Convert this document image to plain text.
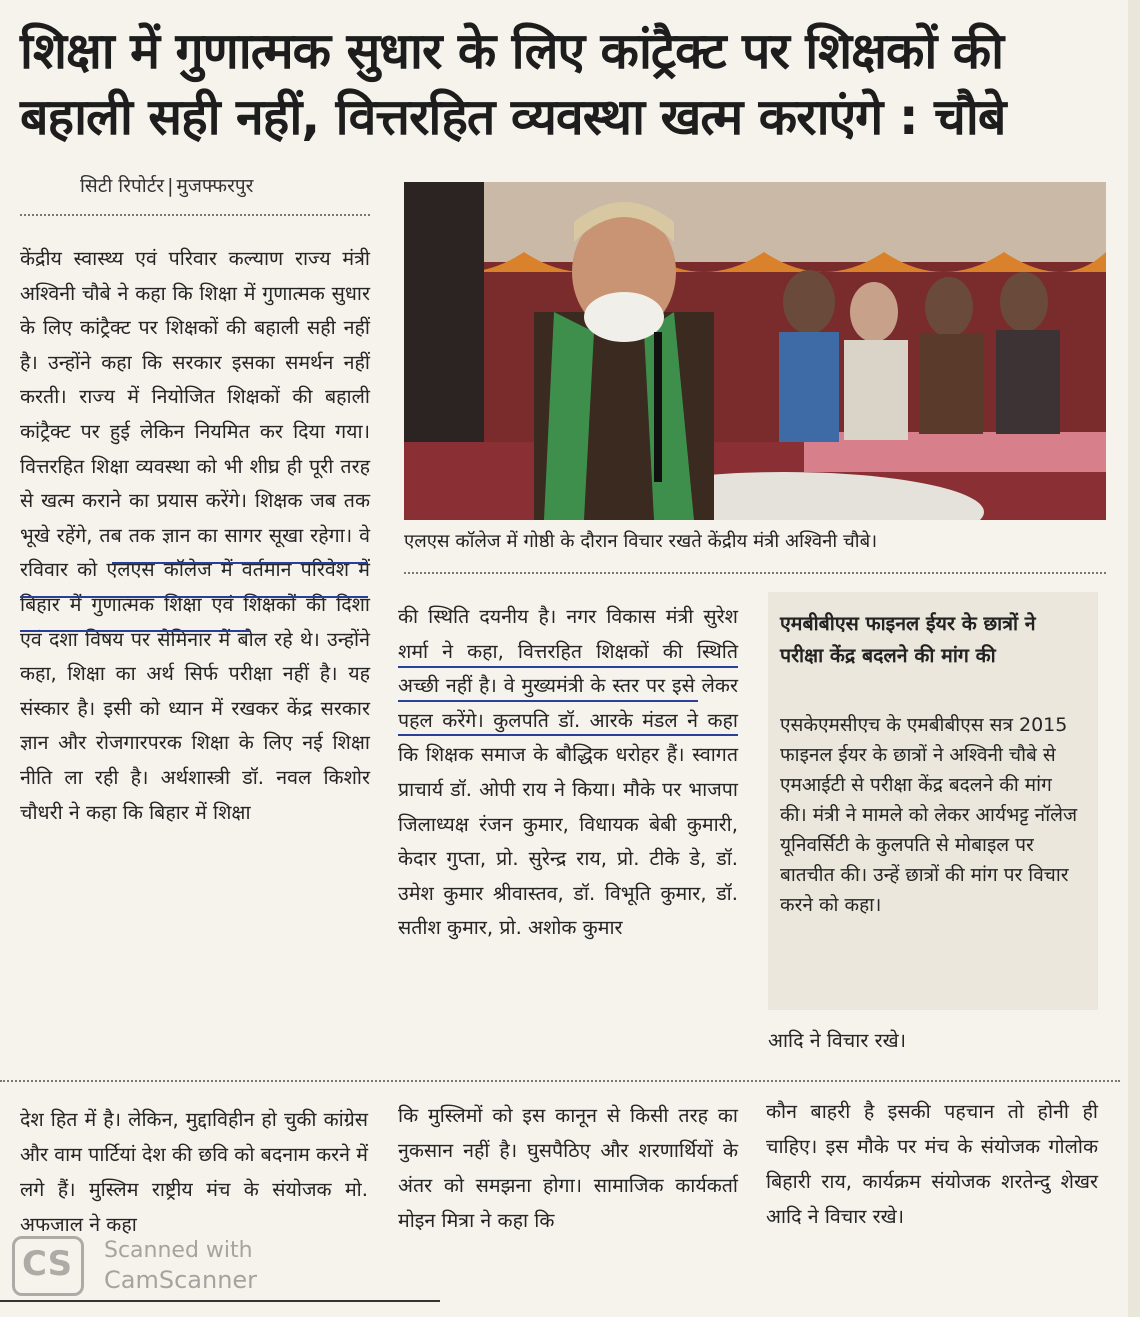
शिक्षा में गुणात्मक सुधार के लिए कांट्रैक्ट पर शिक्षकों की बहाली सही नहीं, वित्तरहित व्यवस्था खत्म कराएंगे : चौबे
सिटी रिपोर्टर | मुजफ्फरपुर
केंद्रीय स्वास्थ्य एवं परिवार कल्याण राज्य मंत्री अश्विनी चौबे ने कहा कि शिक्षा में गुणात्मक सुधार के लिए कांट्रैक्ट पर शिक्षकों की बहाली सही नहीं है। उन्होंने कहा कि सरकार इसका समर्थन नहीं करती। राज्य में नियोजित शिक्षकों की बहाली कांट्रैक्ट पर हुई लेकिन नियमित कर दिया गया। वित्तरहित शिक्षा व्यवस्था को भी शीघ्र ही पूरी तरह से खत्म कराने का प्रयास करेंगे। शिक्षक जब तक भूखे रहेंगे, तब तक ज्ञान का सागर सूखा रहेगा। वे रविवार को एलएस कॉलेज में वर्तमान परिवेश में बिहार में गुणात्मक शिक्षा एवं शिक्षकों की दिशा एवं दशा विषय पर सेमिनार में बोल रहे थे। उन्होंने कहा, शिक्षा का अर्थ सिर्फ परीक्षा नहीं है। यह संस्कार है। इसी को ध्यान में रखकर केंद्र सरकार ज्ञान और रोजगारपरक शिक्षा के लिए नई शिक्षा नीति ला रही है। अर्थशास्त्री डॉ. नवल किशोर चौधरी ने कहा कि बिहार में शिक्षा
एलएस कॉलेज में गोष्ठी के दौरान विचार रखते केंद्रीय मंत्री अश्विनी चौबे।
की स्थिति दयनीय है। नगर विकास मंत्री सुरेश शर्मा ने कहा, वित्तरहित शिक्षकों की स्थिति अच्छी नहीं है। वे मुख्यमंत्री के स्तर पर इसे लेकर पहल करेंगे। कुलपति डॉ. आरके मंडल ने कहा कि शिक्षक समाज के बौद्धिक धरोहर हैं। स्वागत प्राचार्य डॉ. ओपी राय ने किया। मौके पर भाजपा जिलाध्यक्ष रंजन कुमार, विधायक बेबी कुमारी, केदार गुप्ता, प्रो. सुरेन्द्र राय, प्रो. टीके डे, डॉ. उमेश कुमार श्रीवास्तव, डॉ. विभूति कुमार, डॉ. सतीश कुमार, प्रो. अशोक कुमार
एमबीबीएस फाइनल ईयर के छात्रों ने परीक्षा केंद्र बदलने की मांग की
एसकेएमसीएच के एमबीबीएस सत्र 2015 फाइनल ईयर के छात्रों ने अश्विनी चौबे से एमआईटी से परीक्षा केंद्र बदलने की मांग की। मंत्री ने मामले को लेकर आर्यभट्ट नॉलेज यूनिवर्सिटी के कुलपति से मोबाइल पर बातचीत की। उन्हें छात्रों की मांग पर विचार करने को कहा।
आदि ने विचार रखे।
देश हित में है। लेकिन, मुद्दाविहीन हो चुकी कांग्रेस और वाम पार्टियां देश की छवि को बदनाम करने में लगे हैं। मुस्लिम राष्ट्रीय मंच के संयोजक मो. अफजाल ने कहा
कि मुस्लिमों को इस कानून से किसी तरह का नुकसान नहीं है। घुसपैठिए और शरणार्थियों के अंतर को समझना होगा। सामाजिक कार्यकर्ता मोइन मित्रा ने कहा कि
कौन बाहरी है इसकी पहचान तो होनी ही चाहिए। इस मौके पर मंच के संयोजक गोलोक बिहारी राय, कार्यक्रम संयोजक शरतेन्दु शेखर आदि ने विचार रखे।
CS Scanned with
CamScanner
